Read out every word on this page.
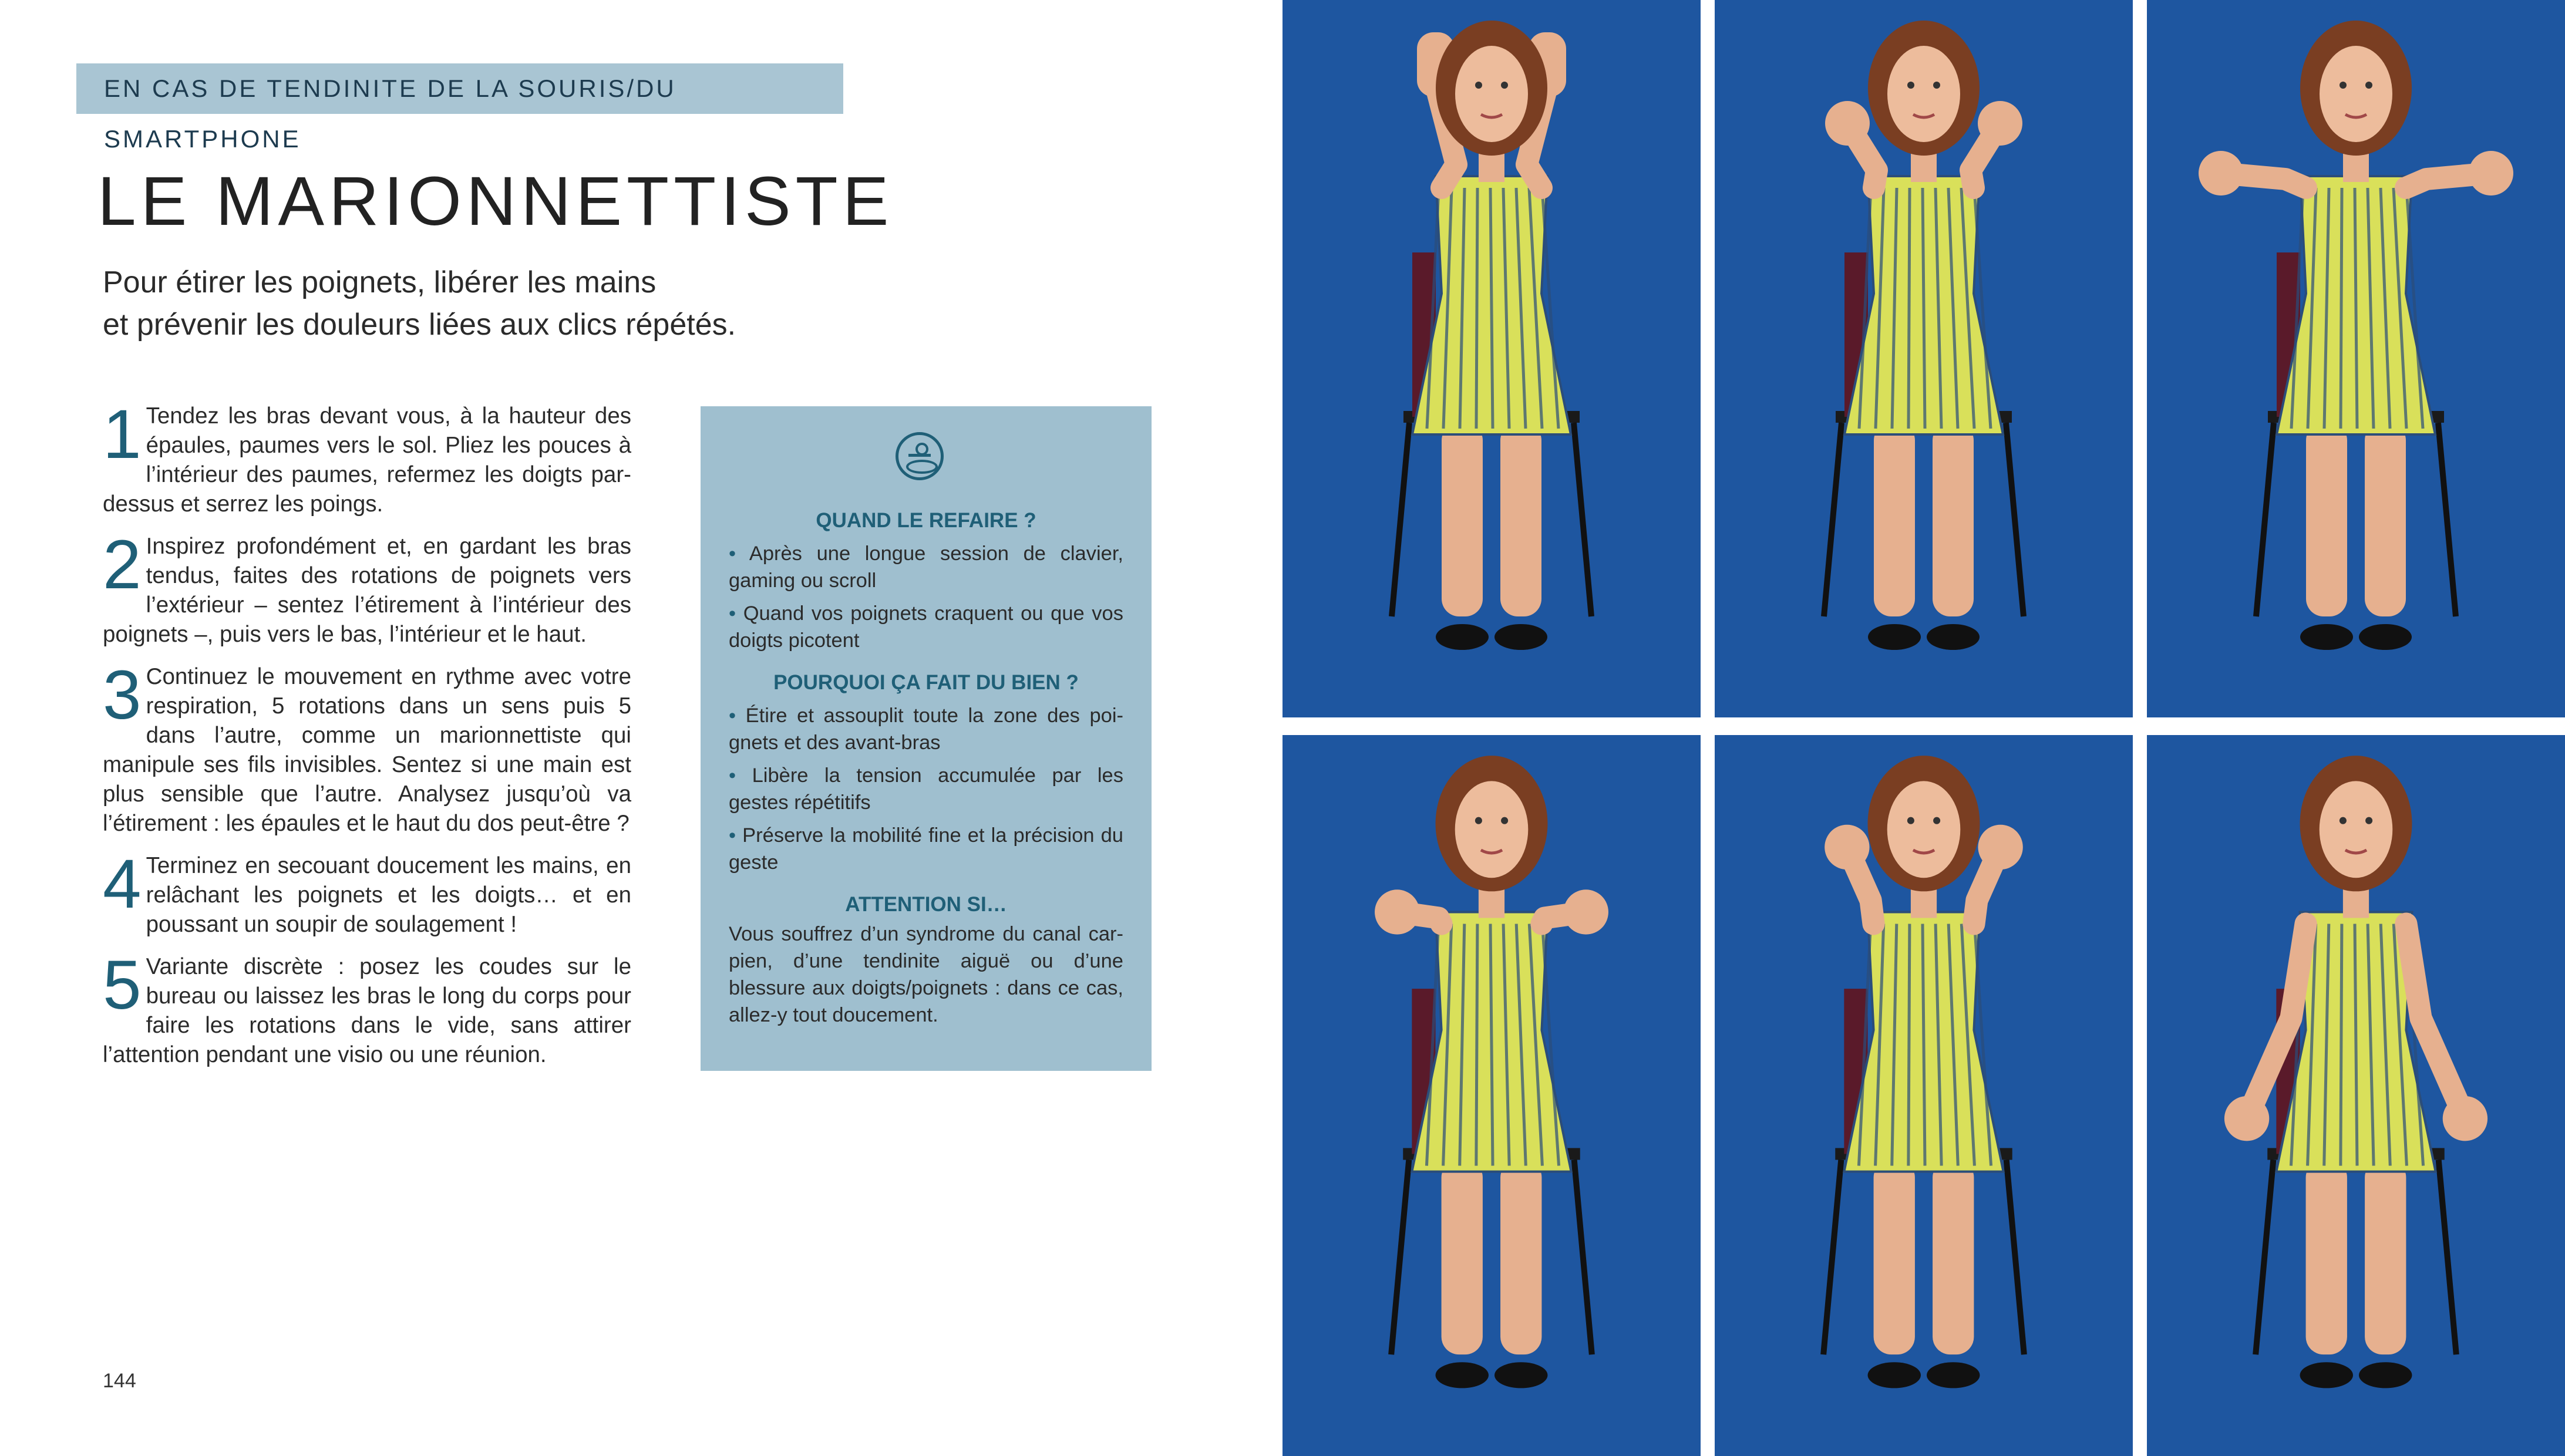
EN CAS DE TENDINITE DE LA SOURIS/DU SMARTPHONE
LE MARIONNETTISTE
Pour étirer les poignets, libérer les mains
et prévenir les douleurs liées aux clics répétés.
1 Tendez les bras devant vous, à la hauteur des épaules, paumes vers le sol. Pliez les pouces à l’intérieur des paumes, refermez les doigts par-dessus et serrez les poings.
2 Inspirez profondément et, en gardant les bras tendus, faites des rotations de poignets vers l’extérieur – sentez l’étirement à l’intérieur des poignets –, puis vers le bas, l’intérieur et le haut.
3 Continuez le mouvement en rythme avec votre respiration, 5 rotations dans un sens puis 5 dans l’autre, comme un marionnettiste qui manipule ses fils invisibles. Sentez si une main est plus sensible que l’autre. Analysez jusqu’où va l’étirement : les épaules et le haut du dos peut-être ?
4 Terminez en secouant doucement les mains, en relâchant les poignets et les doigts… et en poussant un soupir de soulagement !
5 Variante discrète : posez les coudes sur le bureau ou laissez les bras le long du corps pour faire les rotations dans le vide, sans attirer l’attention pendant une visio ou une réunion.
QUAND LE REFAIRE ?
• Après une longue session de clavier, gaming ou scroll
• Quand vos poignets craquent ou que vos doigts picotent
POURQUOI ÇA FAIT DU BIEN ?
• Étire et assouplit toute la zone des poignets et des avant-bras
• Libère la tension accumulée par les gestes répétitifs
• Préserve la mobilité fine et la précision du geste
ATTENTION SI…
Vous souffrez d’un syndrome du canal carpien, d’une tendinite aiguë ou d’une blessure aux doigts/poignets : dans ce cas, allez-y tout doucement.
144
